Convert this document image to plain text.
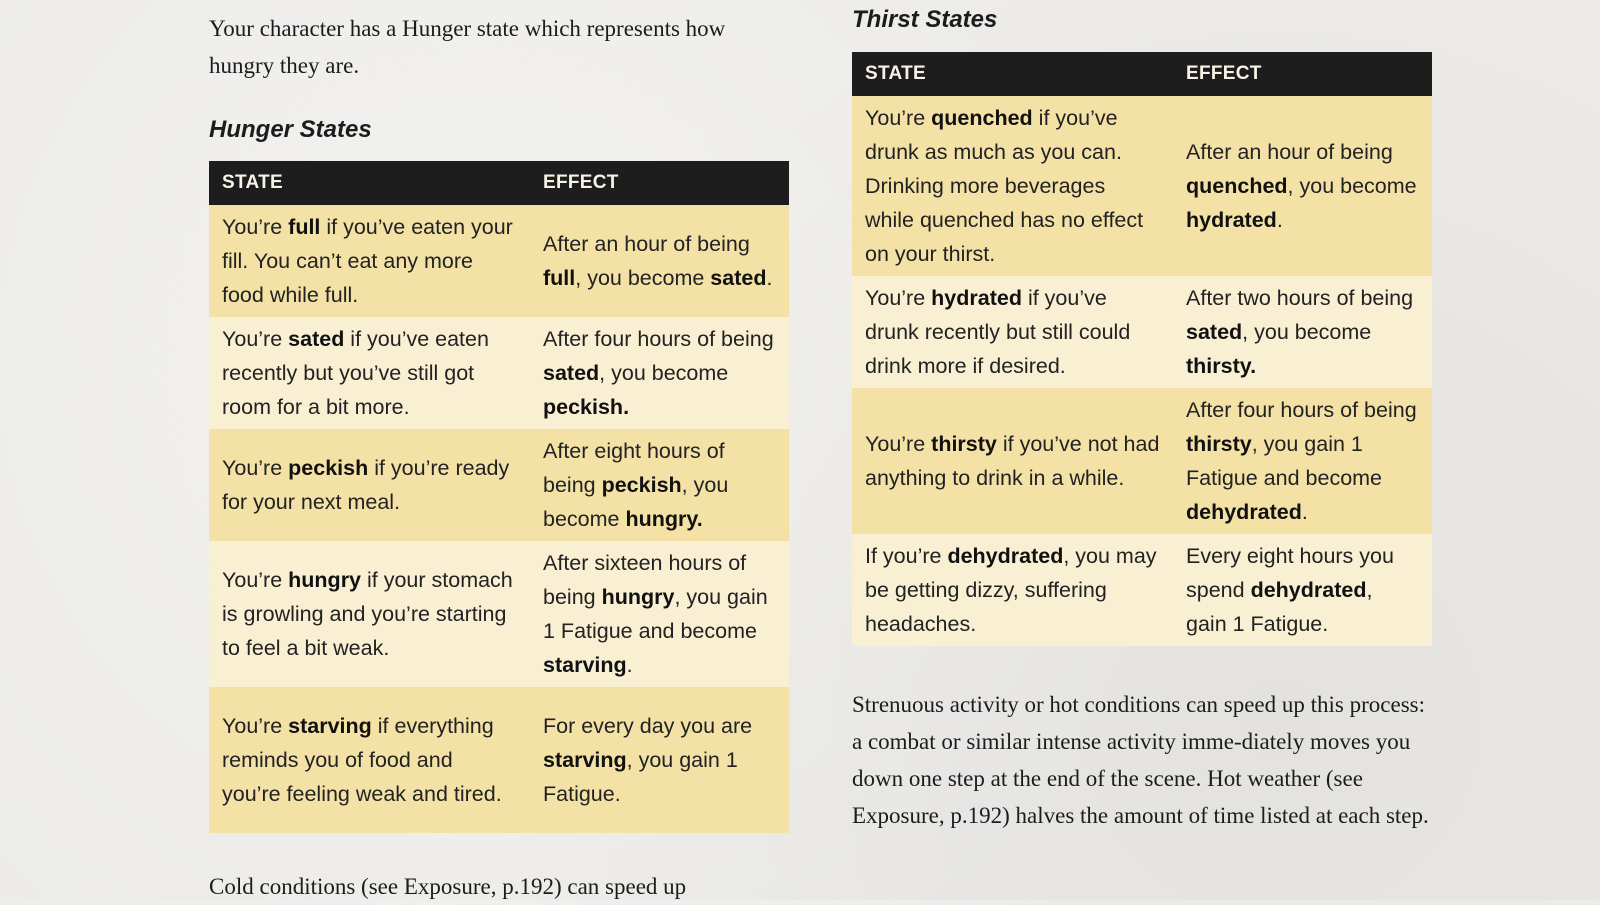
Your character has a Hunger state which represents how hungry they are.

Hunger States
STATE	EFFECT
You’re full if you’ve eaten your fill. You can’t eat any more food while full.	After an hour of being full, you become sated.
You’re sated if you’ve eaten recently but you’ve still got room for a bit more.	After four hours of being sated, you become peckish.
You’re peckish if you’re ready for your next meal.	After eight hours of being peckish, you become hungry.
You’re hungry if your stomach is growling and you’re starting to feel a bit weak.	After sixteen hours of being hungry, you gain 1 Fatigue and become starving.
You’re starving if everything reminds you of food and you’re feeling weak and tired.	For every day you are starving, you gain 1 Fatigue.

Cold conditions (see Exposure, p.192) can speed up

Thirst States
STATE	EFFECT
You’re quenched if you’ve drunk as much as you can. Drinking more beverages while quenched has no effect on your thirst.	After an hour of being quenched, you become hydrated.
You’re hydrated if you’ve drunk recently but still could drink more if desired.	After two hours of being sated, you become thirsty.
You’re thirsty if you’ve not had anything to drink in a while.	After four hours of being thirsty, you gain 1 Fatigue and become dehydrated.
If you’re dehydrated, you may be getting dizzy, suffering headaches.	Every eight hours you spend dehydrated, gain 1 Fatigue.

Strenuous activity or hot conditions can speed up this process: a combat or similar intense activity imme-diately moves you down one step at the end of the scene. Hot weather (see Exposure, p.192) halves the amount of time listed at each step.
